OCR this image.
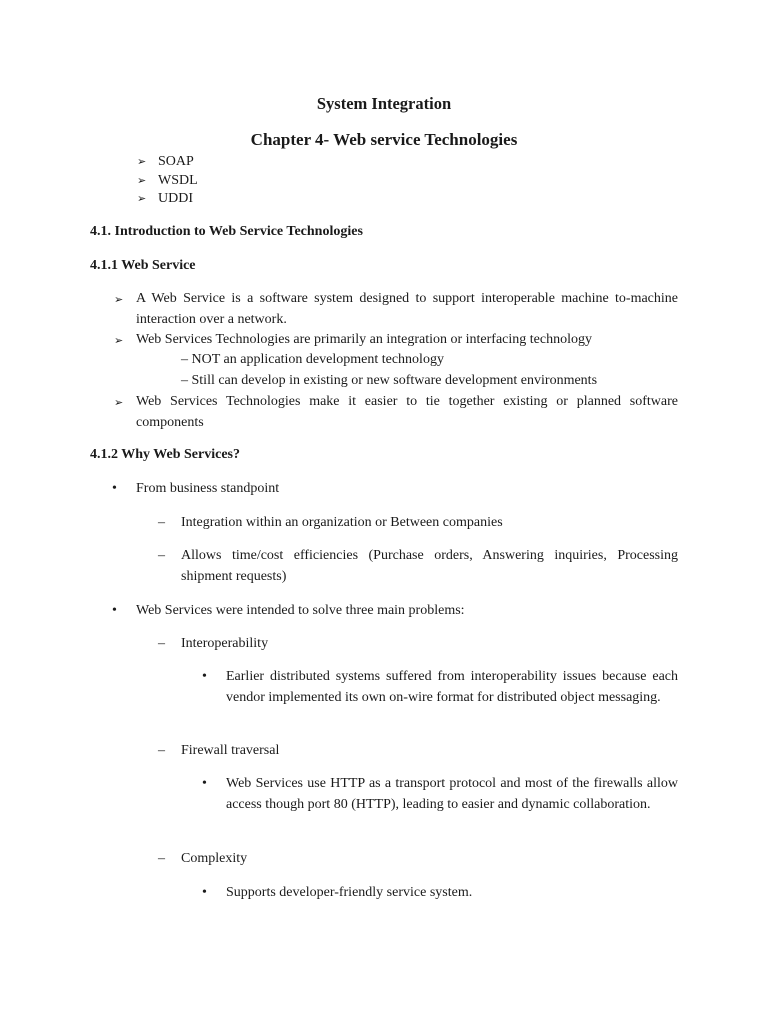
System Integration
Chapter 4- Web service Technologies
➢ SOAP
➢ WSDL
➢ UDDI
4.1. Introduction to Web Service Technologies
4.1.1 Web Service
➢ A Web Service is a software system designed to support interoperable machine to-machine interaction over a network.
➢ Web Services Technologies are primarily an integration or interfacing technology
– NOT an application development technology
– Still can develop in existing or new software development environments
➢ Web Services Technologies make it easier to tie together existing or planned software components
4.1.2 Why Web Services?
• From business standpoint
– Integration within an organization or Between companies
– Allows time/cost efficiencies (Purchase orders, Answering inquiries, Processing shipment requests)
• Web Services were intended to solve three main problems:
– Interoperability
• Earlier distributed systems suffered from interoperability issues because each vendor implemented its own on-wire format for distributed object messaging.
– Firewall traversal
• Web Services use HTTP as a transport protocol and most of the firewalls allow access though port 80 (HTTP), leading to easier and dynamic collaboration.
– Complexity
• Supports developer-friendly service system.
